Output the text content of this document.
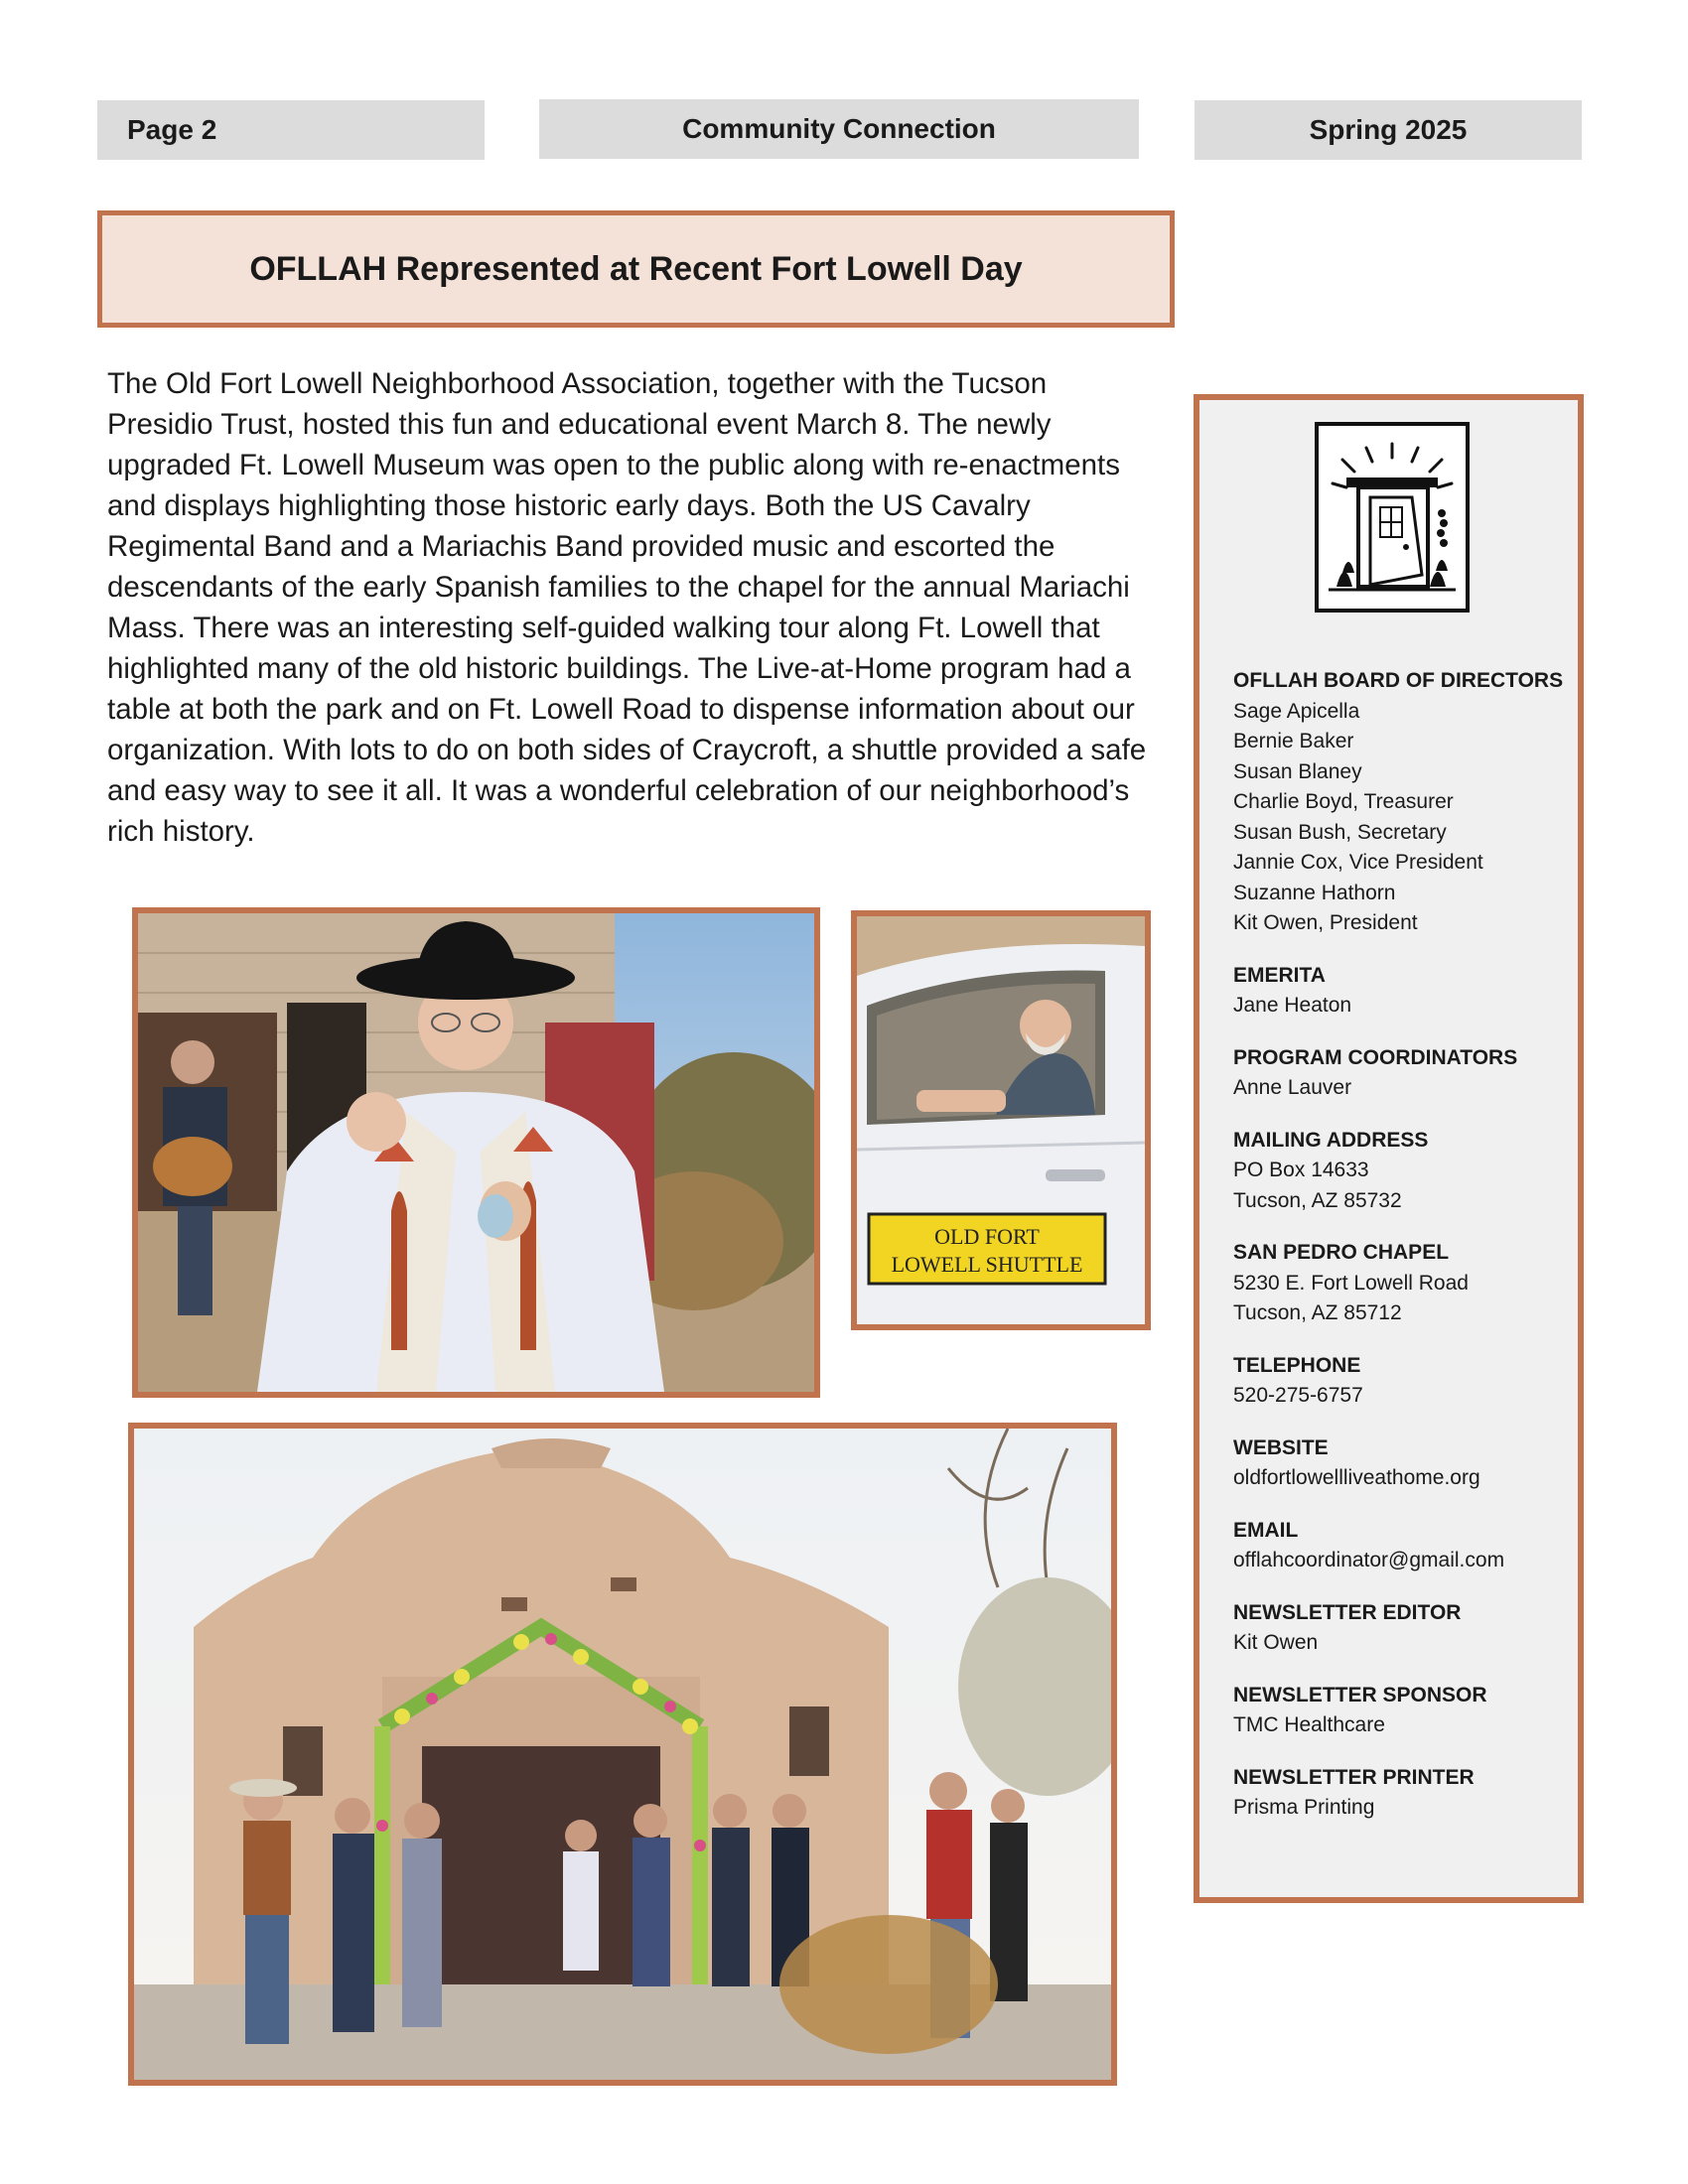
Page 2	Community Connection	Spring 2025
OFLLAH Represented at Recent Fort Lowell Day

The Old Fort Lowell Neighborhood Association, together with the Tucson Presidio Trust, hosted this fun and educational event March 8. The newly upgraded Ft. Lowell Museum was open to the public along with re-enactments and displays highlighting those historic early days. Both the US Cavalry Regimental Band and a Mariachis Band provided music and escorted the descendants of the early Spanish families to the chapel for the annual Mariachi Mass. There was an interesting self-guided walking tour along Ft. Lowell that highlighted many of the old historic buildings. The Live-at-Home program had a table at both the park and on Ft. Lowell Road to dispense information about our organization. With lots to do on both sides of Craycroft, a shuttle provided a safe and easy way to see it all. It was a wonderful celebration of our neighborhood’s rich history.

OLD FORT
LOWELL SHUTTLE
OFLLAH BOARD OF DIRECTORS
Sage Apicella
Bernie Baker
Susan Blaney
Charlie Boyd, Treasurer
Susan Bush, Secretary
Jannie Cox, Vice President
Suzanne Hathorn
Kit Owen, President
EMERITA
Jane Heaton
PROGRAM COORDINATORS
Anne Lauver
MAILING ADDRESS
PO Box 14633
Tucson, AZ 85732
SAN PEDRO CHAPEL
5230 E. Fort Lowell Road
Tucson, AZ 85712
TELEPHONE
520-275-6757
WEBSITE
oldfortlowellliveathome.org
EMAIL
offlahcoordinator@gmail.com
NEWSLETTER EDITOR
Kit Owen
NEWSLETTER SPONSOR
TMC Healthcare
NEWSLETTER PRINTER
Prisma Printing
